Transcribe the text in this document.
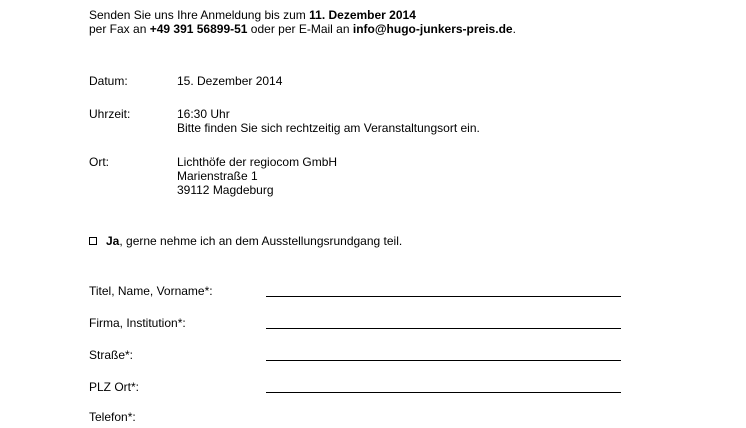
Senden Sie uns Ihre Anmeldung bis zum 11. Dezember 2014
per Fax an +49 391 56899-51 oder per E-Mail an info@hugo-junkers-preis.de.
Datum:	15. Dezember 2014
Uhrzeit:	16:30 Uhr
Bitte finden Sie sich rechtzeitig am Veranstaltungsort ein.
Ort:	Lichthöfe der regiocom GmbH
Marienstraße 1
39112 Magdeburg
Ja, gerne nehme ich an dem Ausstellungsrundgang teil.
Titel, Name, Vorname*:
Firma, Institution*:
Straße*:
PLZ Ort*:
Telefon*:
